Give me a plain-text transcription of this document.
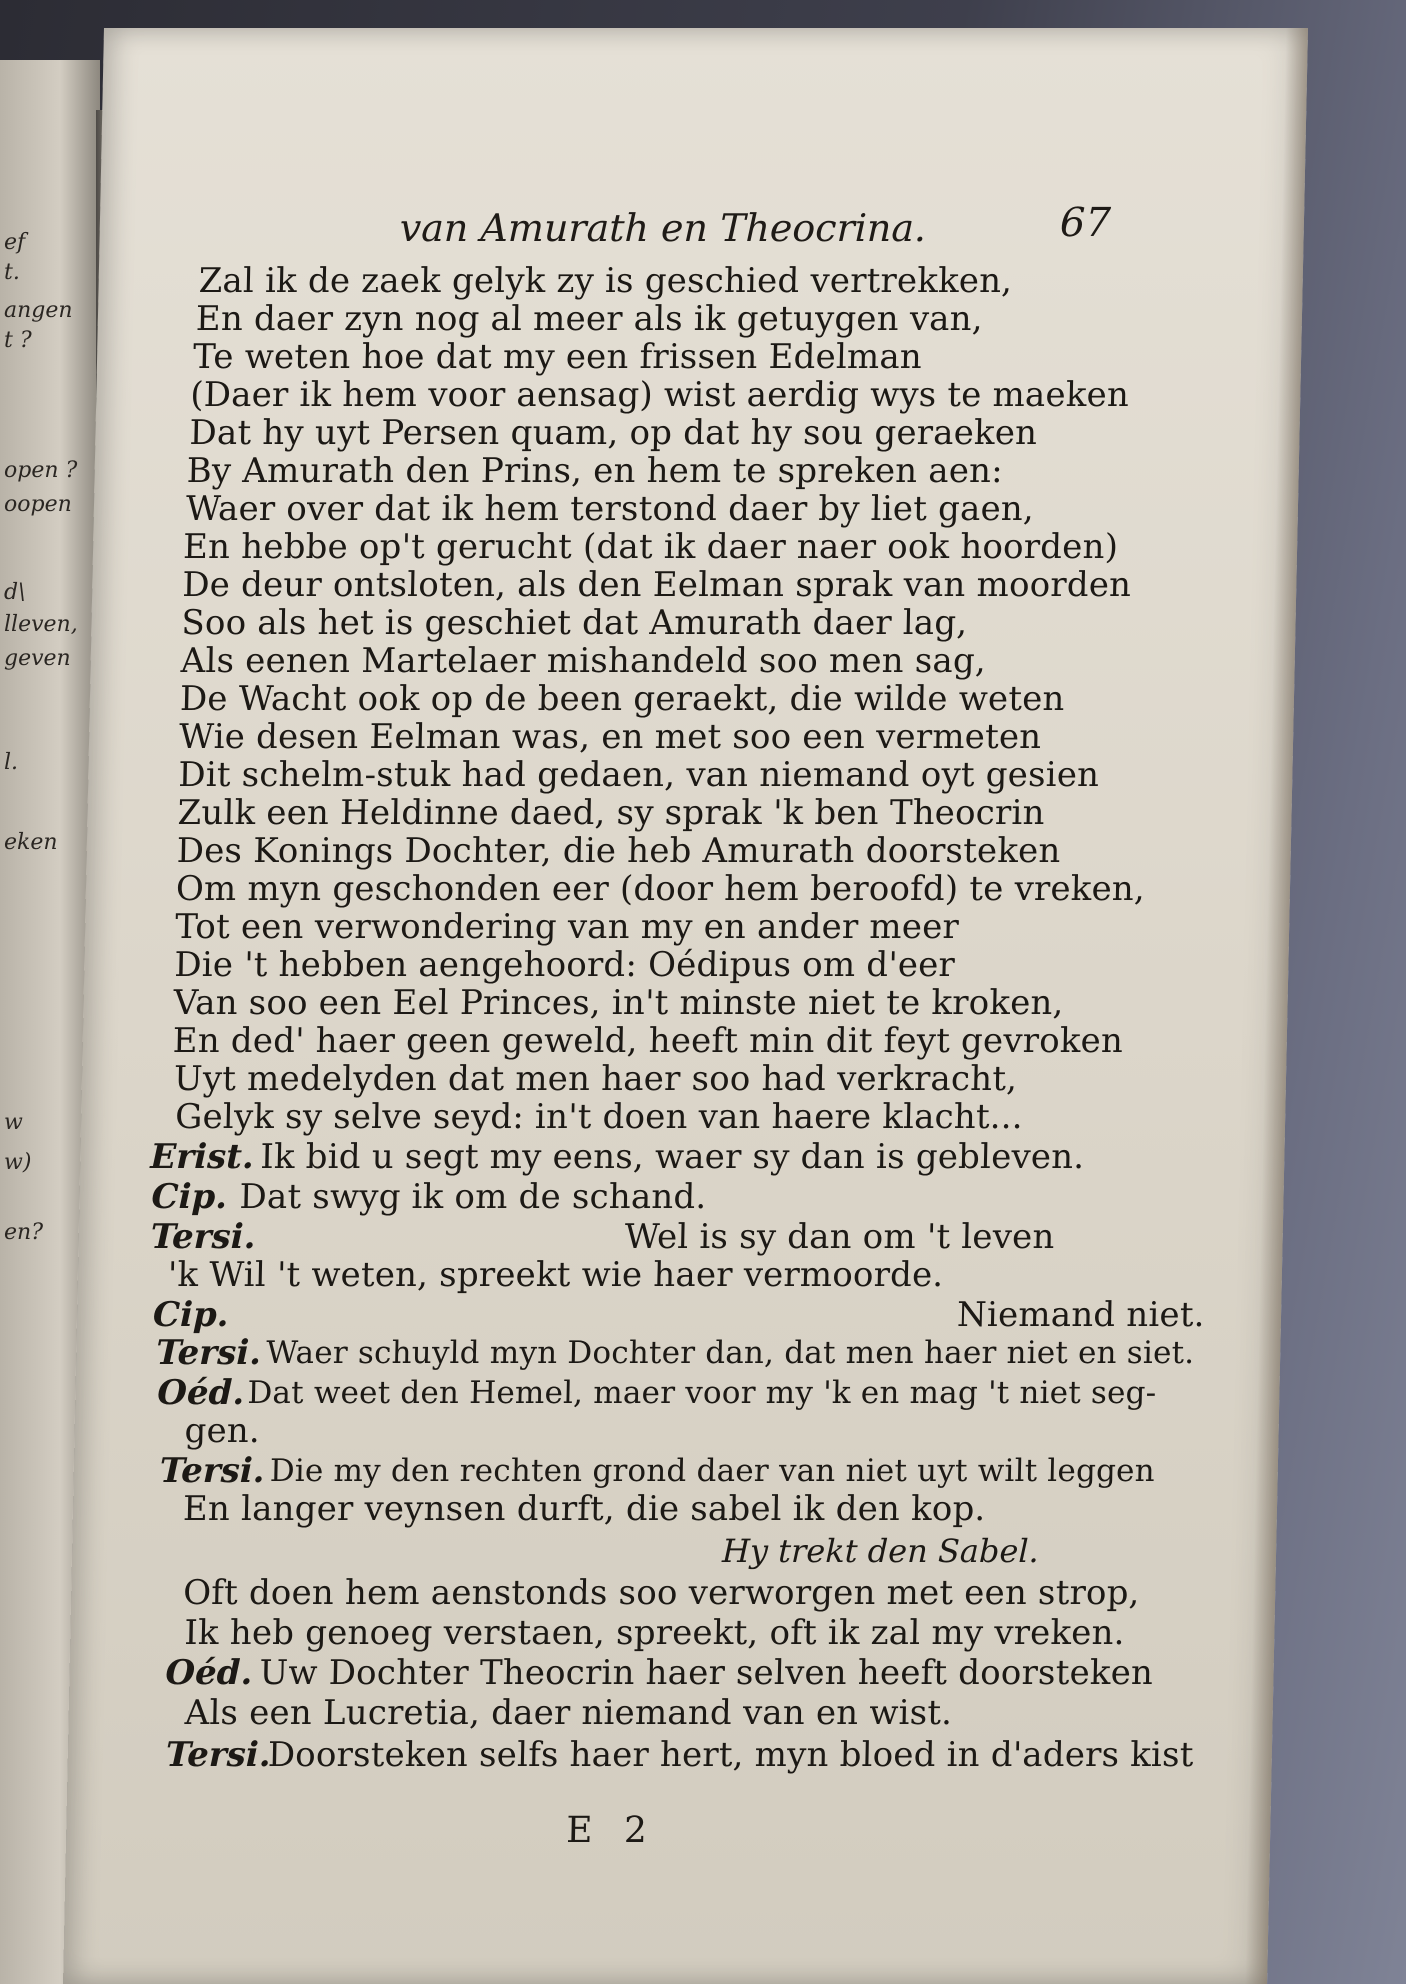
ef
t.
angen
t ?
open ?
oopen
d\
lleven,
geven
l.
eken
w
w)
en?
van Amurath en Theocrina.	67
Zal ik de zaek gelyk zy is geschied vertrekken,
En daer zyn nog al meer als ik getuygen van,
Te weten hoe dat my een frissen Edelman
(Daer ik hem voor aensag) wist aerdig wys te maeken
Dat hy uyt Persen quam, op dat hy sou geraeken
By Amurath den Prins, en hem te spreken aen:
Waer over dat ik hem terstond daer by liet gaen,
En hebbe op't gerucht (dat ik daer naer ook hoorden)
De deur ontsloten, als den Eelman sprak van moorden
Soo als het is geschiet dat Amurath daer lag,
Als eenen Martelaer mishandeld soo men sag,
De Wacht ook op de been geraekt, die wilde weten
Wie desen Eelman was, en met soo een vermeten
Dit schelm-stuk had gedaen, van niemand oyt gesien
Zulk een Heldinne daed, sy sprak 'k ben Theocrin
Des Konings Dochter, die heb Amurath doorsteken
Om myn geschonden eer (door hem beroofd) te vreken,
Tot een verwondering van my en ander meer
Die 't hebben aengehoord: Oédipus om d'eer
Van soo een Eel Princes, in't minste niet te kroken,
En ded' haer geen geweld, heeft min dit feyt gevroken
Uyt medelyden dat men haer soo had verkracht,
Gelyk sy selve seyd: in't doen van haere klacht...
Erist. Ik bid u segt my eens, waer sy dan is gebleven.
Cip. Dat swyg ik om de schand.
Tersi.	Wel is sy dan om 't leven
'k Wil 't weten, spreekt wie haer vermoorde.
Cip.	Niemand niet.
Tersi. Waer schuyld myn Dochter dan, dat men haer niet en siet.
Oéd. Dat weet den Hemel, maer voor my 'k en mag 't niet seg-
gen.
Tersi. Die my den rechten grond daer van niet uyt wilt leggen
En langer veynsen durft, die sabel ik den kop.
Hy trekt den Sabel.
Oft doen hem aenstonds soo verworgen met een strop,
Ik heb genoeg verstaen, spreekt, oft ik zal my vreken.
Oéd. Uw Dochter Theocrin haer selven heeft doorsteken
Als een Lucretia, daer niemand van en wist.
Tersi.
Doorsteken selfs haer hert, myn bloed in d'aders kist
E 2
